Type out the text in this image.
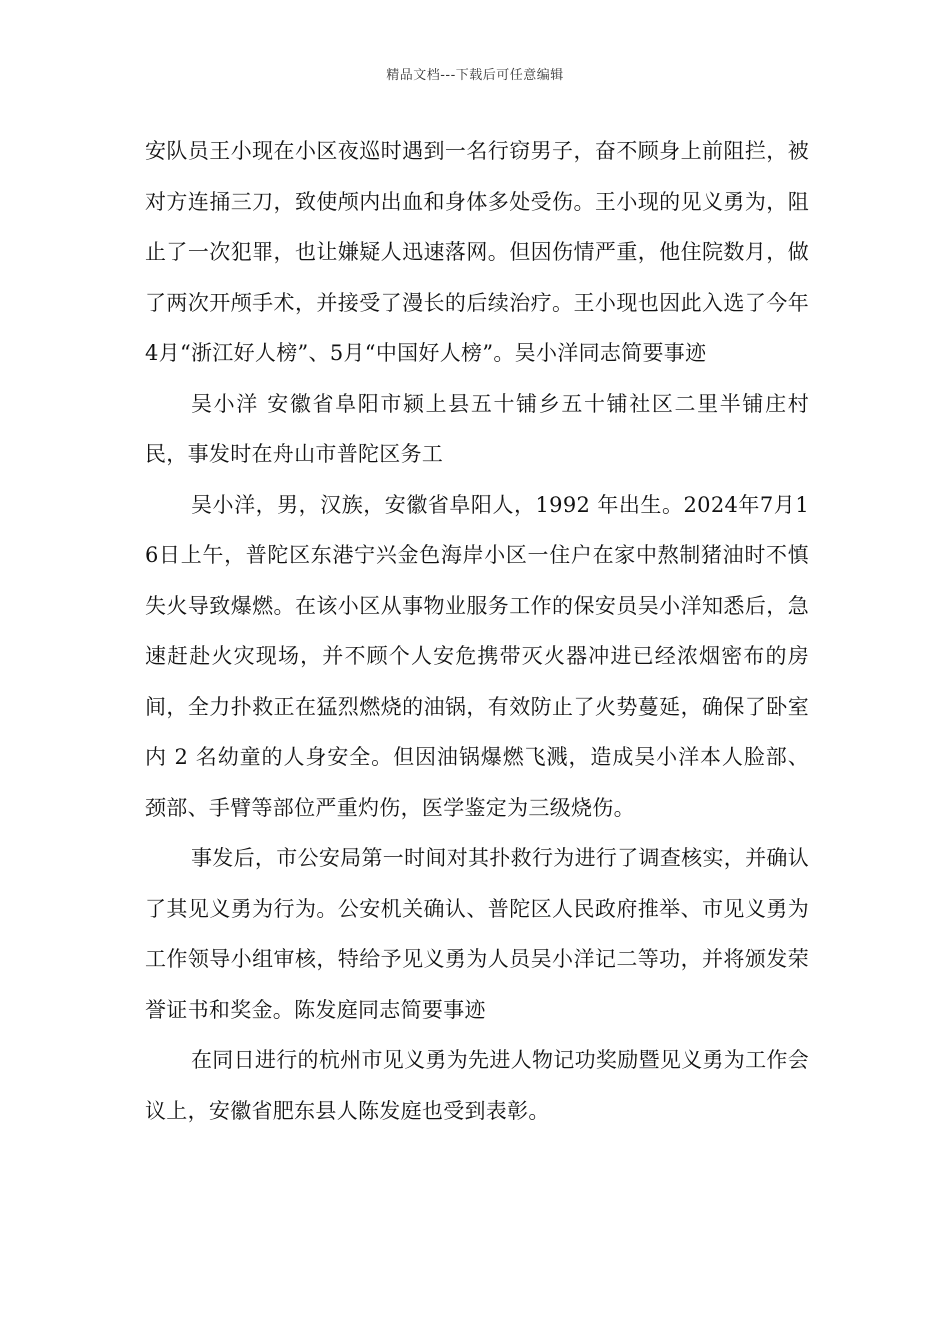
精品文档---下载后可任意编辑

安队员王小现在小区夜巡时遇到一名行窃男子，奋不顾身上前阻拦，被对方连捅三刀，致使颅内出血和身体多处受伤。王小现的见义勇为，阻止了一次犯罪，也让嫌疑人迅速落网。但因伤情严重，他住院数月，做了两次开颅手术，并接受了漫长的后续治疗。王小现也因此入选了今年4月“浙江好人榜”、5月“中国好人榜”。吴小洋同志简要事迹

吴小洋 安徽省阜阳市颍上县五十铺乡五十铺社区二里半铺庄村民，事发时在舟山市普陀区务工

吴小洋，男，汉族，安徽省阜阳人，1992 年出生。2024年7月16日上午，普陀区东港宁兴金色海岸小区一住户在家中熬制猪油时不慎失火导致爆燃。在该小区从事物业服务工作的保安员吴小洋知悉后，急速赶赴火灾现场，并不顾个人安危携带灭火器冲进已经浓烟密布的房间，全力扑救正在猛烈燃烧的油锅，有效防止了火势蔓延，确保了卧室内 2 名幼童的人身安全。但因油锅爆燃飞溅，造成吴小洋本人脸部、颈部、手臂等部位严重灼伤，医学鉴定为三级烧伤。

事发后，市公安局第一时间对其扑救行为进行了调查核实，并确认了其见义勇为行为。公安机关确认、普陀区人民政府推举、市见义勇为工作领导小组审核，特给予见义勇为人员吴小洋记二等功，并将颁发荣誉证书和奖金。陈发庭同志简要事迹

在同日进行的杭州市见义勇为先进人物记功奖励暨见义勇为工作会议上，安徽省肥东县人陈发庭也受到表彰。
